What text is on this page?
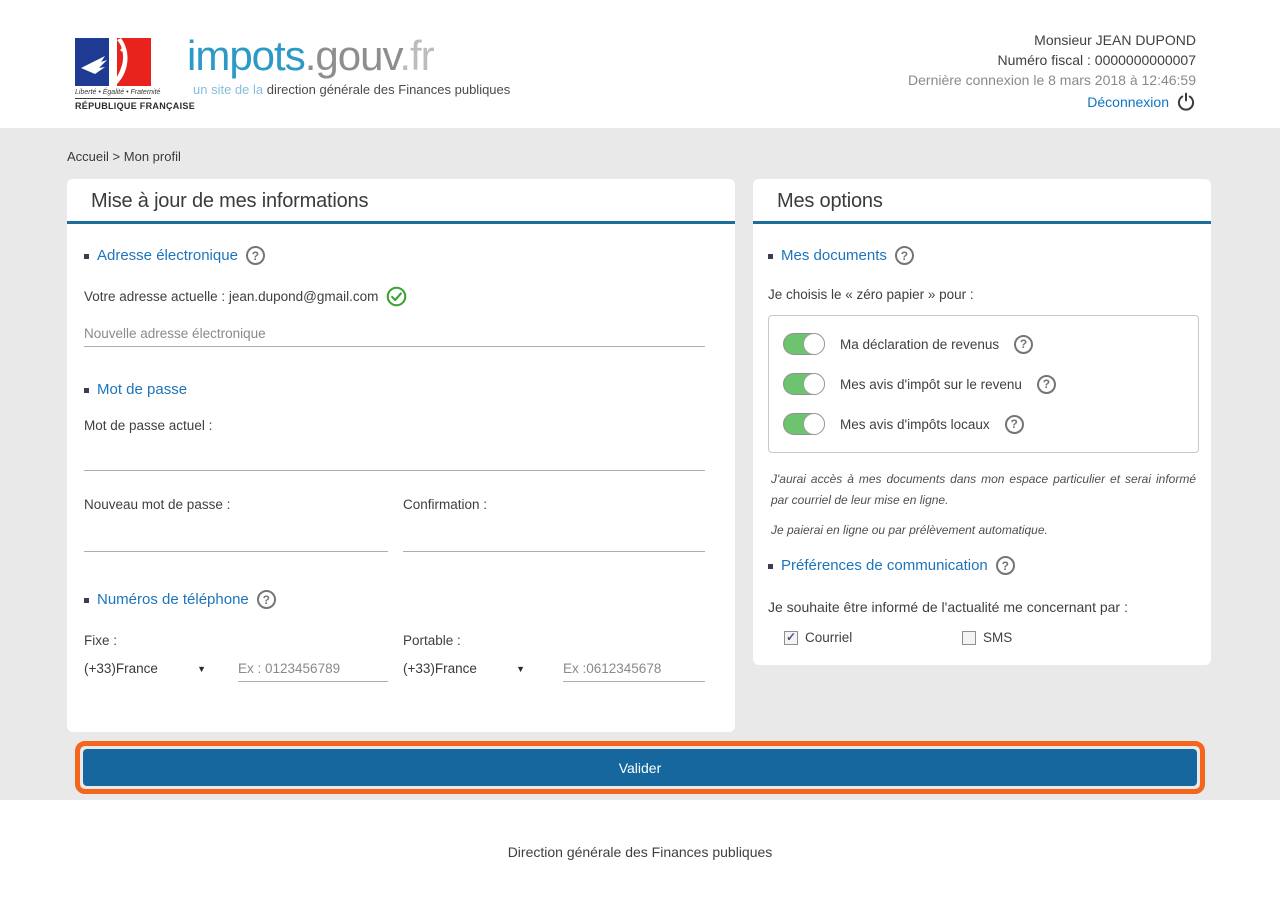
Liberté • Égalité • Fraternité
RÉPUBLIQUE FRANÇAISE
impots.gouv.fr
un site de la direction générale des Finances publiques
Monsieur JEAN DUPOND
Numéro fiscal : 0000000000007
Dernière connexion le 8 mars 2018 à 12:46:59
Déconnexion
Accueil > Mon profil
Mise à jour de mes informations
Adresse électronique	?
Votre adresse actuelle : jean.dupond@gmail.com
Nouvelle adresse électronique
Mot de passe
Mot de passe actuel :
Nouveau mot de passe :	Confirmation :
Numéros de téléphone	?
Fixe :
(+33)France	▼
Ex : 0123456789
Portable :
(+33)France	▼
Ex :0612345678
Mes options
Mes documents	?
Je choisis le « zéro papier » pour :
Ma déclaration de revenus	?
Mes avis d'impôt sur le revenu	?
Mes avis d'impôts locaux	?
J'aurai accès à mes documents dans mon espace particulier et serai informé par courriel de leur mise en ligne.
Je paierai en ligne ou par prélèvement automatique.
Préférences de communication	?
Je souhaite être informé de l'actualité me concernant par :
✓
Courriel	SMS
Valider
Direction générale des Finances publiques
